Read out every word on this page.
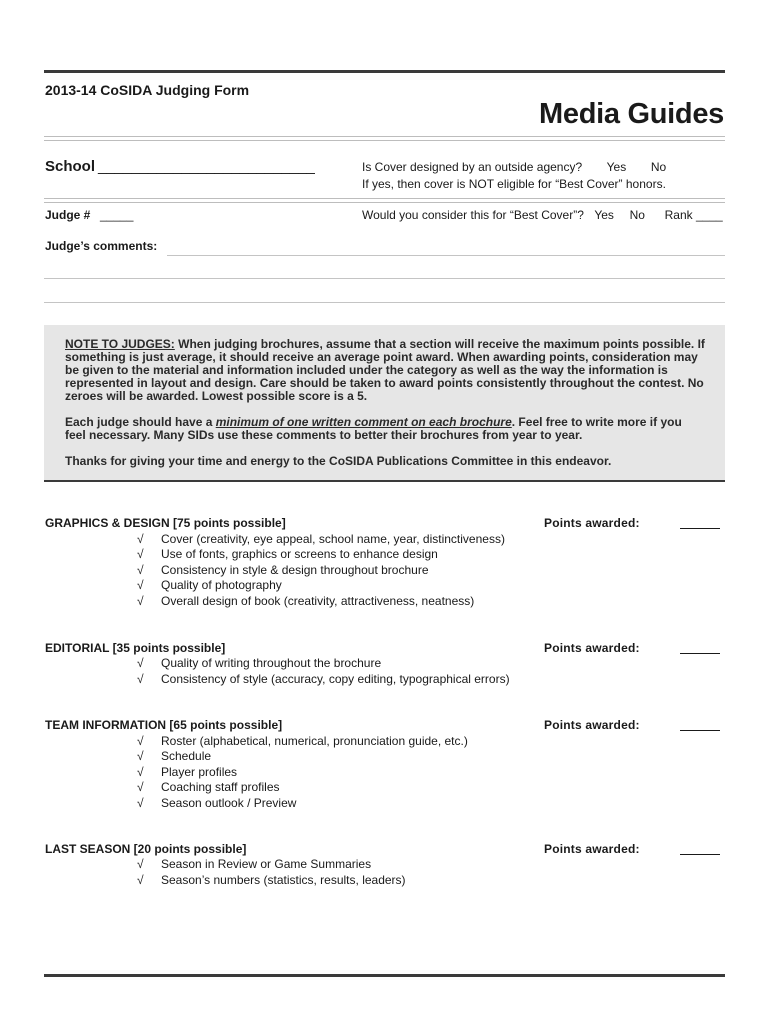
2013-14 CoSIDA Judging Form
Media Guides
School __________________________	Is Cover designed by an outside agency? Yes No
If yes, then cover is NOT eligible for “Best Cover” honors.
Judge # _____	Would you consider this for “Best Cover”? Yes No Rank ____
Judge’s comments:

NOTE TO JUDGES: When judging brochures, assume that a section will receive the maximum points possible. If something is just average, it should receive an average point award. When awarding points, consideration may be given to the material and information included under the category as well as the way the information is represented in layout and design. Care should be taken to award points consistently throughout the contest. No zeroes will be awarded. Lowest possible score is a 5.

Each judge should have a minimum of one written comment on each brochure. Feel free to write more if you feel necessary. Many SIDs use these comments to better their brochures from year to year.

Thanks for giving your time and energy to the CoSIDA Publications Committee in this endeavor.

GRAPHICS & DESIGN [75 points possible]	Points awarded:
√ Cover (creativity, eye appeal, school name, year, distinctiveness)
√ Use of fonts, graphics or screens to enhance design
√ Consistency in style & design throughout brochure
√ Quality of photography
√ Overall design of book (creativity, attractiveness, neatness)
EDITORIAL [35 points possible]	Points awarded:
√ Quality of writing throughout the brochure
√ Consistency of style (accuracy, copy editing, typographical errors)
TEAM INFORMATION [65 points possible]	Points awarded:
√ Roster (alphabetical, numerical, pronunciation guide, etc.)
√ Schedule
√ Player profiles
√ Coaching staff profiles
√ Season outlook / Preview
LAST SEASON [20 points possible]	Points awarded:
√ Season in Review or Game Summaries
√ Season’s numbers (statistics, results, leaders)
